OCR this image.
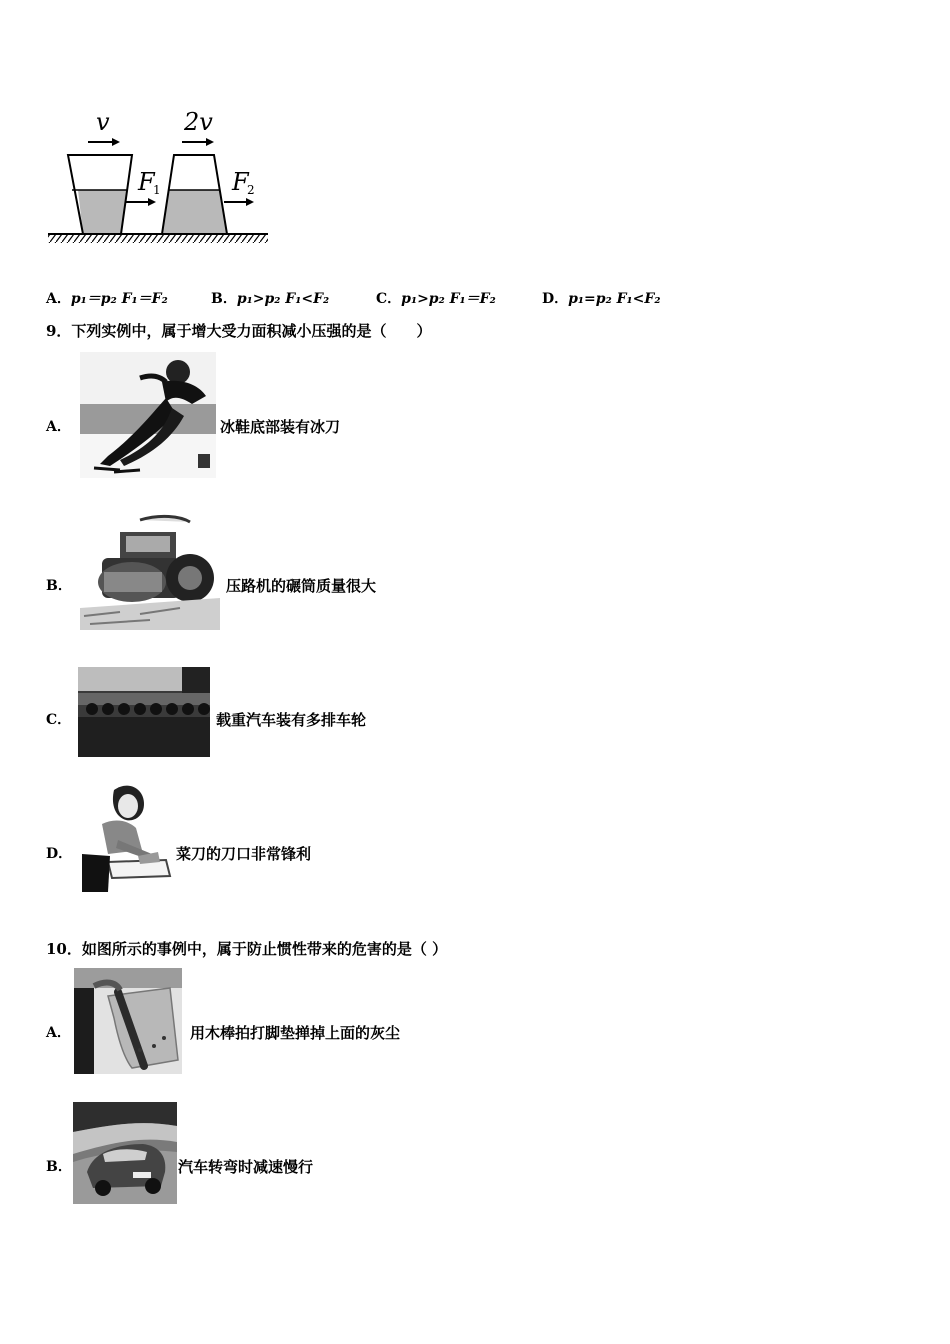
v	2v
F
1	F
2
A．p₁＝p₂ F₁＝F₂	B．p₁>p₂ F₁<F₂	C．p₁>p₂ F₁＝F₂	D．p₁=p₂ F₁<F₂
9．下列实例中，属于增大受力面积减小压强的是（　　）
A．	冰鞋底部装有冰刀
B．	压路机的碾筒质量很大
C．	载重汽车装有多排车轮
D．	菜刀的刀口非常锋利
10．如图所示的事例中，属于防止惯性带来的危害的是（ ）
A．	用木棒拍打脚垫掸掉上面的灰尘
B．	汽车转弯时减速慢行
